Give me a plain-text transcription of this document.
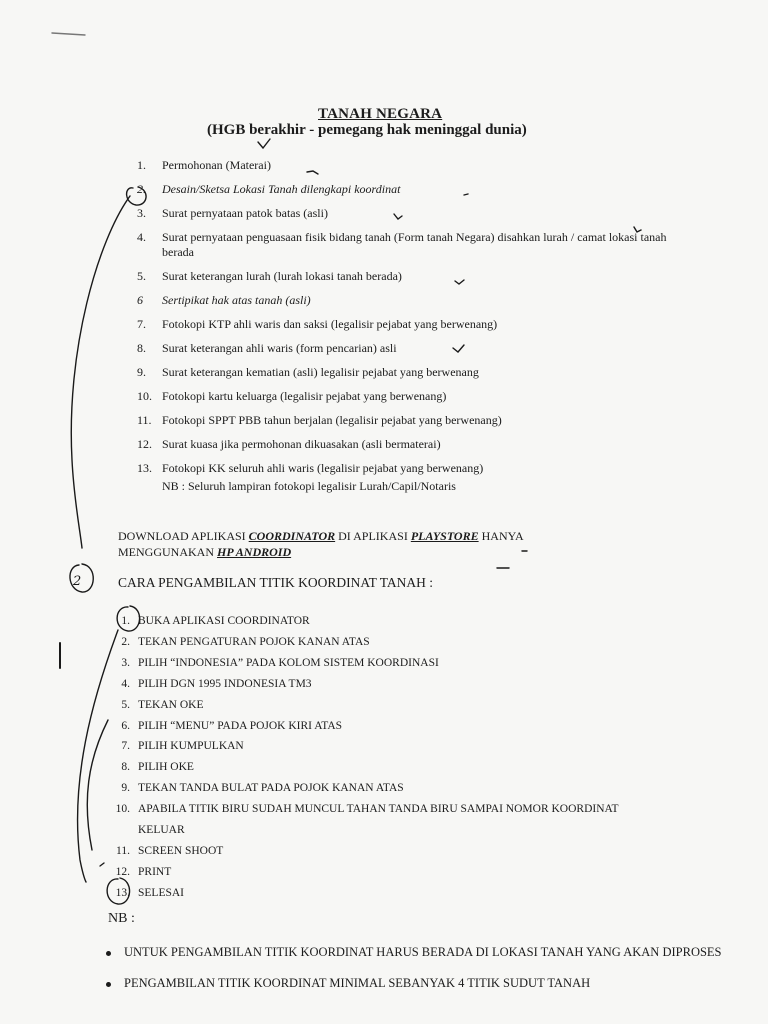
TANAH NEGARA
(HGB berakhir - pemegang hak meninggal dunia)
1.	Permohonan (Materai)
2.	Desain/Sketsa Lokasi Tanah dilengkapi koordinat
3.	Surat pernyataan patok batas (asli)
4.	Surat pernyataan penguasaan fisik bidang tanah (Form tanah Negara) disahkan lurah / camat lokasi tanah berada
5.	Surat keterangan lurah (lurah lokasi tanah berada)
6	Sertipikat hak atas tanah (asli)
7.	Fotokopi KTP ahli waris dan saksi (legalisir pejabat yang berwenang)
8.	Surat keterangan ahli waris (form pencarian) asli
9.	Surat keterangan kematian (asli) legalisir pejabat yang berwenang
10. Fotokopi kartu keluarga (legalisir pejabat yang berwenang)
11. Fotokopi SPPT PBB tahun berjalan (legalisir pejabat yang berwenang)
12. Surat kuasa jika permohonan dikuasakan (asli bermaterai)
13. Fotokopi KK seluruh ahli waris (legalisir pejabat yang berwenang)
NB : Seluruh lampiran fotokopi legalisir Lurah/Capil/Notaris
DOWNLOAD APLIKASI COORDINATOR DI APLIKASI PLAYSTORE HANYA MENGGUNAKAN HP ANDROID
CARA PENGAMBILAN TITIK KOORDINAT TANAH :
1. BUKA APLIKASI COORDINATOR
2. TEKAN PENGATURAN POJOK KANAN ATAS
3. PILIH “INDONESIA” PADA KOLOM SISTEM KOORDINASI
4. PILIH DGN 1995 INDONESIA TM3
5. TEKAN OKE
6. PILIH “MENU” PADA POJOK KIRI ATAS
7. PILIH KUMPULKAN
8. PILIH OKE
9. TEKAN TANDA BULAT PADA POJOK KANAN ATAS
10. APABILA TITIK BIRU SUDAH MUNCUL TAHAN TANDA BIRU SAMPAI NOMOR KOORDINAT KELUAR
11. SCREEN SHOOT
12. PRINT
13. SELESAI
NB :
UNTUK PENGAMBILAN TITIK KOORDINAT HARUS BERADA DI LOKASI TANAH YANG AKAN DIPROSES
PENGAMBILAN TITIK KOORDINAT MINIMAL SEBANYAK 4 TITIK SUDUT TANAH
2
